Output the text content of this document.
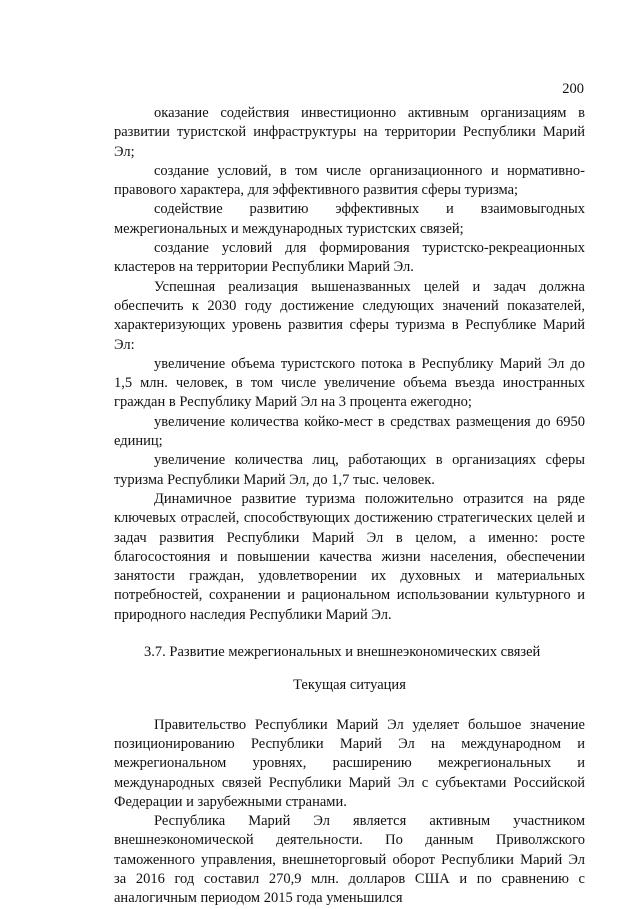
200

оказание содействия инвестиционно активным организациям в развитии туристской инфраструктуры на территории Республики Марий Эл;

создание условий, в том числе организационного и нормативно-правового характера, для эффективного развития сферы туризма;

содействие развитию эффективных и взаимовыгодных межрегиональных и международных туристских связей;

создание условий для формирования туристско-рекреационных кластеров на территории Республики Марий Эл.

Успешная реализация вышеназванных целей и задач должна обеспечить к 2030 году достижение следующих значений показателей, характеризующих уровень развития сферы туризма в Республике Марий Эл:

увеличение объема туристского потока в Республику Марий Эл до 1,5 млн. человек, в том числе увеличение объема въезда иностранных граждан в Республику Марий Эл на 3 процента ежегодно;

увеличение количества койко-мест в средствах размещения до 6950 единиц;

увеличение количества лиц, работающих в организациях сферы туризма Республики Марий Эл, до 1,7 тыс. человек.

Динамичное развитие туризма положительно отразится на ряде ключевых отраслей, способствующих достижению стратегических целей и задач развития Республики Марий Эл в целом, а именно: росте благосостояния и повышении качества жизни населения, обеспечении занятости граждан, удовлетворении их духовных и материальных потребностей, сохранении и рациональном использовании культурного и природного наследия Республики Марий Эл.

3.7. Развитие межрегиональных и внешнеэкономических связей
Текущая ситуация

Правительство Республики Марий Эл уделяет большое значение позиционированию Республики Марий Эл на международном и межрегиональном уровнях, расширению межрегиональных и международных связей Республики Марий Эл с субъектами Российской Федерации и зарубежными странами.

Республика Марий Эл является активным участником внешнеэкономической деятельности. По данным Приволжского таможенного управления, внешнеторговый оборот Республики Марий Эл за 2016 год составил 270,9 млн. долларов США и по сравнению с аналогичным периодом 2015 года уменьшился
